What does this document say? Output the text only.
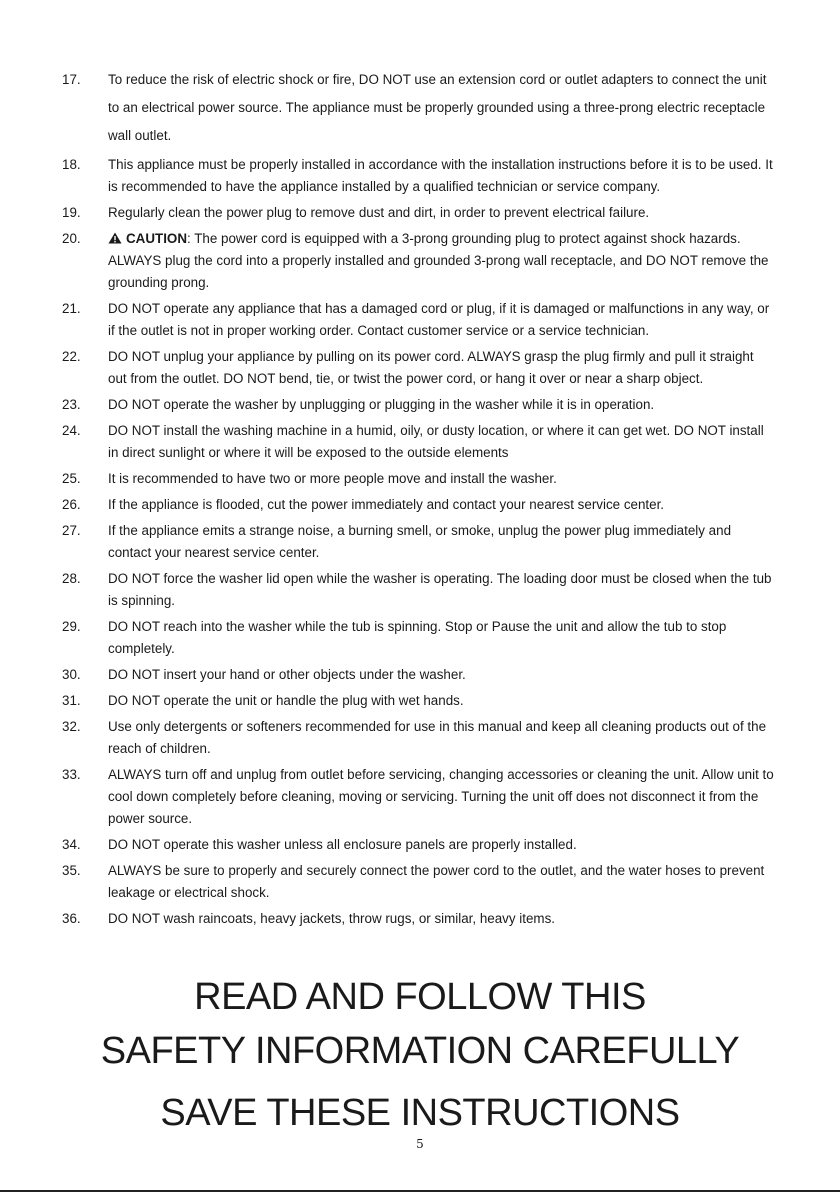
17.	To reduce the risk of electric shock or fire, DO NOT use an extension cord or outlet adapters to connect the unit to an electrical power source. The appliance must be properly grounded using a three-prong electric receptacle wall outlet.
18.	This appliance must be properly installed in accordance with the installation instructions before it is to be used. It is recommended to have the appliance installed by a qualified technician or service company.
19.	Regularly clean the power plug to remove dust and dirt, in order to prevent electrical failure.
20.	CAUTION: The power cord is equipped with a 3-prong grounding plug to protect against shock hazards. ALWAYS plug the cord into a properly installed and grounded 3-prong wall receptacle, and DO NOT remove the grounding prong.
21.	DO NOT operate any appliance that has a damaged cord or plug, if it is damaged or malfunctions in any way, or if the outlet is not in proper working order. Contact customer service or a service technician.
22.	DO NOT unplug your appliance by pulling on its power cord. ALWAYS grasp the plug firmly and pull it straight out from the outlet. DO NOT bend, tie, or twist the power cord, or hang it over or near a sharp object.
23.	DO NOT operate the washer by unplugging or plugging in the washer while it is in operation.
24.	DO NOT install the washing machine in a humid, oily, or dusty location, or where it can get wet. DO NOT install in direct sunlight or where it will be exposed to the outside elements
25.	It is recommended to have two or more people move and install the washer.
26.	If the appliance is flooded, cut the power immediately and contact your nearest service center.
27.	If the appliance emits a strange noise, a burning smell, or smoke, unplug the power plug immediately and contact your nearest service center.
28.	DO NOT force the washer lid open while the washer is operating. The loading door must be closed when the tub is spinning.
29.	DO NOT reach into the washer while the tub is spinning. Stop or Pause the unit and allow the tub to stop completely.
30.	DO NOT insert your hand or other objects under the washer.
31.	DO NOT operate the unit or handle the plug with wet hands.
32.	Use only detergents or softeners recommended for use in this manual and keep all cleaning products out of the reach of children.
33.	ALWAYS turn off and unplug from outlet before servicing, changing accessories or cleaning the unit. Allow unit to cool down completely before cleaning, moving or servicing. Turning the unit off does not disconnect it from the power source.
34.	DO NOT operate this washer unless all enclosure panels are properly installed.
35.	ALWAYS be sure to properly and securely connect the power cord to the outlet, and the water hoses to prevent leakage or electrical shock.
36.	DO NOT wash raincoats, heavy jackets, throw rugs, or similar, heavy items.
READ AND FOLLOW THIS
SAFETY INFORMATION CAREFULLY
SAVE THESE INSTRUCTIONS
5
